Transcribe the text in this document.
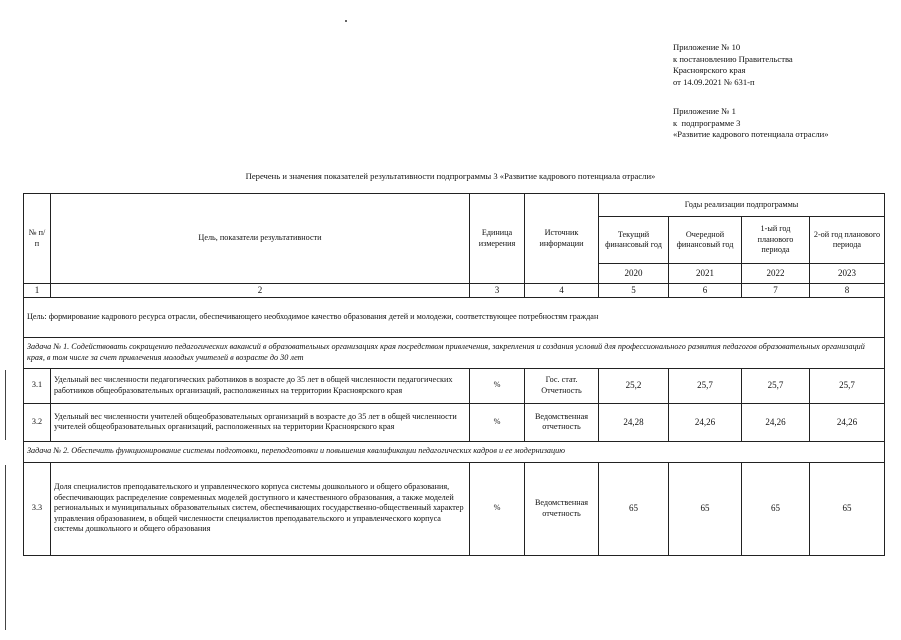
Приложение № 10
к постановлению Правительства
Красноярского края
от 14.09.2021 № 631-п
Приложение № 1
к  подпрограмме 3
«Развитие кадрового потенциала отрасли»
Перечень и значения показателей результативности подпрограммы 3 «Развитие кадрового потенциала отрасли»
№ п/п	Цель, показатели результативности	Единица измерения	Источник информации	Годы реализации подпрограммы			
				Текущий финансовый год	Очередной финансовый год	1-ый год планового периода	2-ой год планового периода
				2020	2021	2022	2023
1	2	3	4	5	6	7	8
Цель: формирование кадрового ресурса отрасли, обеспечивающего необходимое качество образования детей и молодежи, соответствующее потребностям граждан							
Задача № 1. Содействовать сокращению педагогических вакансий в образовательных организациях края посредством привлечения, закрепления и создания условий для профессионального развития педагогов образовательных организаций края, в том числе за счет привлечения молодых учителей в возрасте до 30 лет							
3.1	Удельный вес численности педагогических работников в возрасте до 35 лет в общей численности педагогических работников общеобразовательных организаций, расположенных на территории Красноярского края	%	Гос. стат. Отчетность	25,2	25,7	25,7	25,7
3.2	Удельный вес численности учителей общеобразовательных организаций в возрасте до 35 лет в общей численности учителей общеобразовательных организаций, расположенных на территории Красноярского края	%	Ведомственная отчетность	24,28	24,26	24,26	24,26
Задача № 2. Обеспечить функционирование системы подготовки, переподготовки и повышения квалификации педагогических кадров и ее модернизацию							
3.3	Доля специалистов преподавательского и управленческого корпуса системы дошкольного и общего образования, обеспечивающих распределение современных моделей доступного и качественного образования, а также моделей региональных и муниципальных образовательных систем, обеспечивающих государственно-общественный характер управления образованием, в общей численности специалистов преподавательского и управленческого корпуса системы дошкольного и общего образования	%	Ведомственная отчетность	65	65	65	65
